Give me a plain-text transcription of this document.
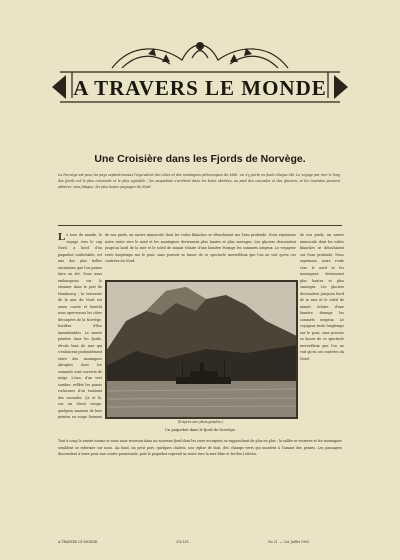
A TRAVERS LE MONDE
Une Croisière dans les Fjords de Norvège.
La Norvège est pour les pays septentrionaux l'équivalent des côtes et des montagnes pittoresques du Midi : on s'y porte en foule chaque été. Le voyage par mer le long des fjords est le plus commode et le plus agréable ; les paquebots s'arrêtent dans les baies abritées, au pied des cascades et des glaciers, et les touristes peuvent admirer, sans fatigue, les plus beaux paysages du Nord.
Le tour du monde, le voyage vers le cap Nord, à bord d'un paquebot confortable, est une des plus belles excursions que l'on puisse faire en été. Nous nous embarquons sur le steamer dans le port de Hambourg ; la traversée de la mer du Nord est assez courte et bientôt nous apercevons les côtes découpées de la Norvège, bordées d'îles innombrables. Le navire pénètre dans les fjords, étroits bras de mer qui s'enfoncent profondément entre des montagnes abruptes dont les sommets sont couverts de neige. L'eau, d'un vert sombre, reflète les parois rocheuses d'où tombent des cascades. Çà et là, sur un étroit rivage, quelques maisons de bois peintes en rouge forment
de nos pieds, un navire minuscule dont les voiles blanches se détachaient sur l'eau profonde. Nous reprenons notre route vers le nord et les montagnes deviennent plus hautes et plus sauvages. Les glaciers descendent jusqu'au bord de la mer et le soleil de minuit éclaire d'une lumière étrange les sommets neigeux. Le voyageur reste longtemps sur le pont, sans pouvoir se lasser de ce spectacle merveilleux que l'on ne voit qu'en ces contrées du Nord.
de nos pieds, un navire minuscule dont les voiles blanches se détachaient sur l'eau profonde. Nous reprenons notre route vers le nord et les montagnes deviennent plus hautes et plus sauvages. Les glaciers descendent jusqu'au bord de la mer et le soleil de minuit éclaire d'une lumière étrange les sommets neigeux. Le voyageur reste longtemps sur le pont, sans pouvoir se lasser de ce spectacle merveilleux que l'on ne voit qu'en ces contrées du Nord.
(D'après une photographie.)
Un paquebot dans le fjord de Norvège.
Tout à coup le navire tourne et nous nous trouvons dans un nouveau fjord dont les rives escarpées se rapprochent de plus en plus ; la vallée se resserre et les montagnes semblent se refermer sur nous. Au fond, un petit port, quelques chalets, une église de bois, des champs verts qui montent à l'assaut des pentes. Les passagers descendent à terre pour une courte promenade, puis le paquebot reprend sa route vers la mer libre et les îles Lofoten.
A TRAVERS LE MONDE.	21e LIV.	No 21. — 1er Juillet 1905.
